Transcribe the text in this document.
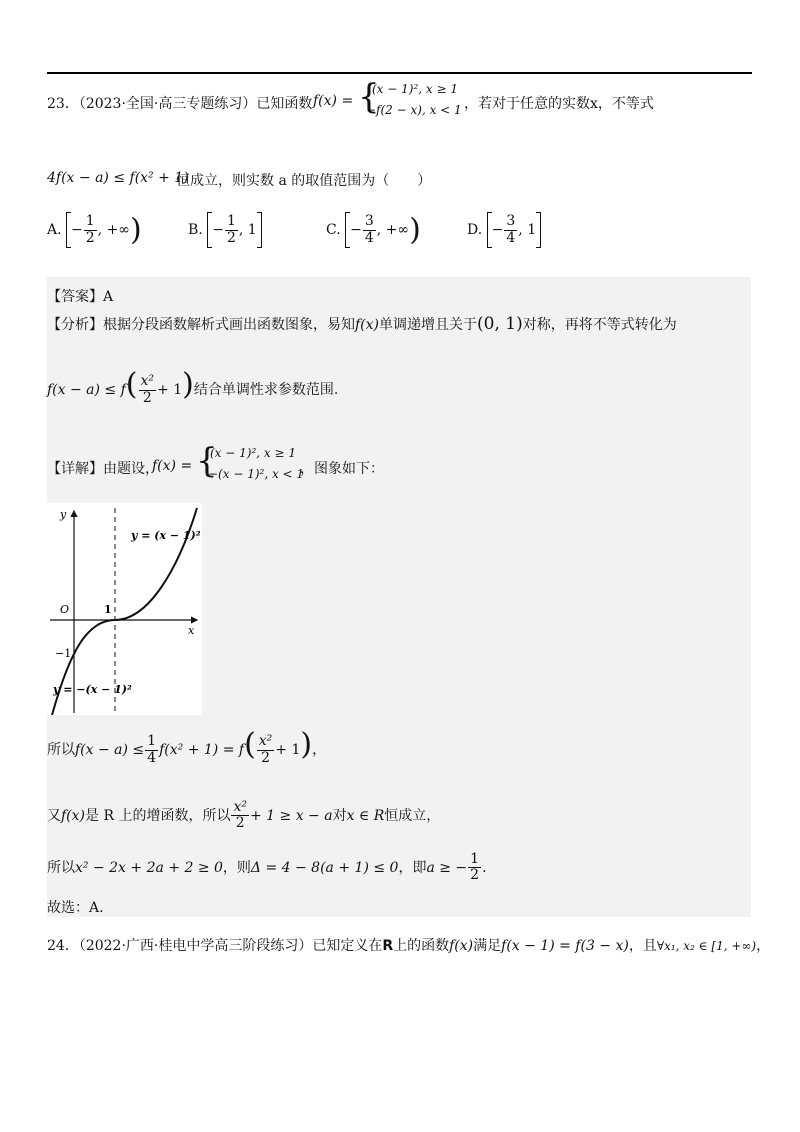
23．（2023·全国·高三专题练习）已知函数 f(x) = {
(x − 1)², x ≥ 1
−f(2 − x), x < 1 ，若对于任意的实数x，不等式
4f(x − a) ≤ f(x² + 1)
恒成立，则实数 a 的取值范围为（　　）
A. − $\frac{1}{2}$ , +∞)	B. − $\frac{1}{2}$ , 1	C. − $\frac{3}{4}$ , +∞)	D. − $\frac{3}{4}$ , 1
【答案】A
【分析】根据分段函数解析式画出函数图象，易知f(x)单调递增且关于(0, 1)对称，再将不等式转化为
$f(x - a) \le f( \frac{\text{x²}}{2} + 1)$结合单调性求参数范围.
【详解】由题设，
f(x) = {
(x − 1)², x ≥ 1
−(x − 1)², x < 1
，图象如下：
y
x
O	1
−1
y = (x − 1)²
y = −(x − 1)²
所以$f(x - a) \le \frac{1}{4} f(x^2 + 1) = f( \frac{\text{x²}}{2} + 1)$，
又f(x)是 R 上的增函数，所以 $\frac{\text{x²}}{2} + 1 \ge x - a$对x ∈ R恒成立，
所以x² − 2x + 2a + 2 ≥ 0，则Δ = 4 − 8(a + 1) ≤ 0，即a ≥ − $\frac{1}{2}$ .
故选：A.
24．（2022·广西·桂电中学高三阶段练习）已知定义在R上的函数f(x)满足f(x − 1) = f(3 − x)，且∀x₁, x₂ ∈ [1, +∞)，
